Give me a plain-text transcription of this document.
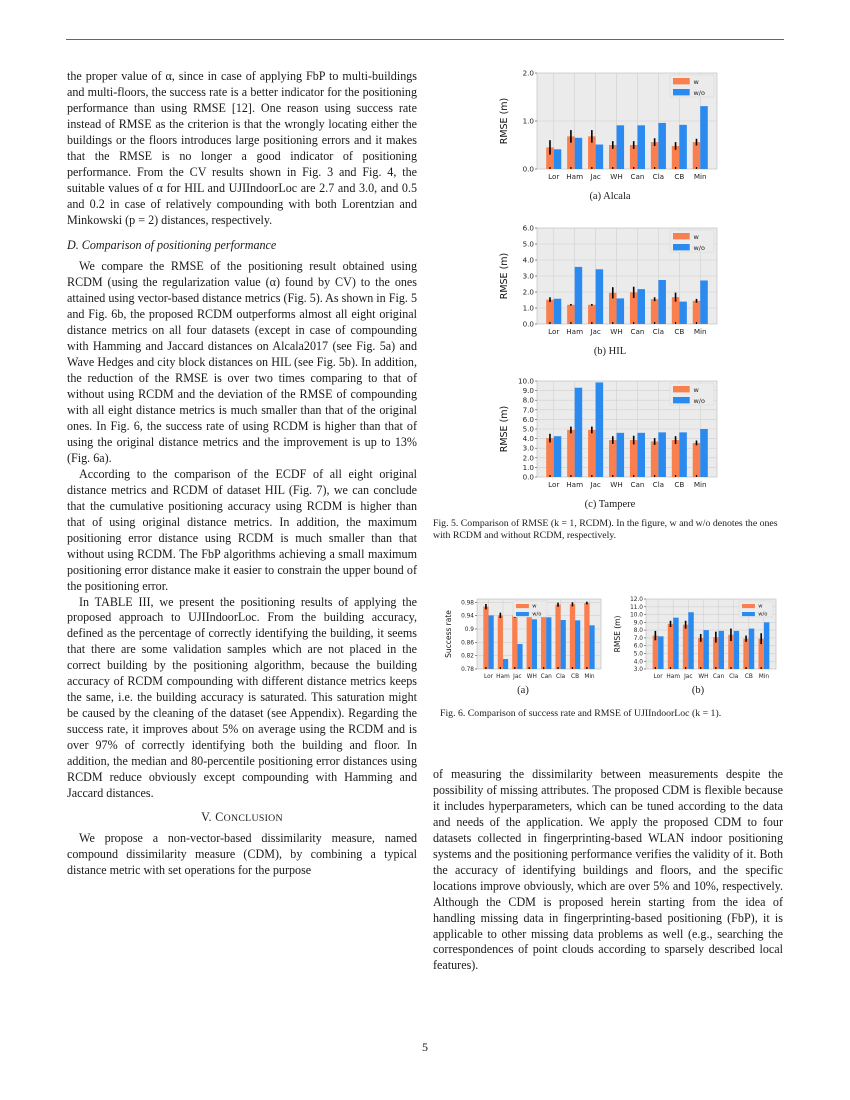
the proper value of α, since in case of applying FbP to multi-buildings and multi-floors, the success rate is a better indicator for the positioning performance than using RMSE [12]. One reason using success rate instead of RMSE as the criterion is that the wrongly locating either the buildings or the floors introduces large positioning errors and it makes that the RMSE is no longer a good indicator of positioning performance. From the CV results shown in Fig. 3 and Fig. 4, the suitable values of α for HIL and UJIIndoorLoc are 2.7 and 3.0, and 0.5 and 0.2 in case of relatively compounding with both Lorentzian and Minkowski (p = 2) distances, respectively.

D. Comparison of positioning performance

We compare the RMSE of the positioning result obtained using RCDM (using the regularization value (α) found by CV) to the ones attained using vector-based distance metrics (Fig. 5). As shown in Fig. 5 and Fig. 6b, the proposed RCDM outperforms almost all eight original distance metrics on all four datasets (except in case of compounding with Hamming and Jaccard distances on Alcala2017 (see Fig. 5a) and Wave Hedges and city block distances on HIL (see Fig. 5b). In addition, the reduction of the RMSE is over two times comparing to that of without using RCDM and the deviation of the RMSE of compounding with all eight distance metrics is much smaller than that of the original ones. In Fig. 6, the success rate of using RCDM is higher than that of using the original distance metrics and the improvement is up to 13% (Fig. 6a).

According to the comparison of the ECDF of all eight original distance metrics and RCDM of dataset HIL (Fig. 7), we can conclude that the cumulative positioning accuracy using RCDM is higher than that of using original distance metrics. In addition, the maximum positioning error distance using RCDM is much smaller than that without using RCDM. The FbP algorithms achieving a small maximum positioning error distance make it easier to constrain the upper bound of the positioning error.

In TABLE III, we present the positioning results of applying the proposed approach to UJIIndoorLoc. From the building accuracy, defined as the percentage of correctly identifying the building, it seems that there are some validation samples which are not placed in the correct building by the positioning algorithm, because the building accuracy of RCDM compounding with different distance metrics keeps the same, i.e. the building accuracy is saturated. This saturation might be caused by the cleaning of the dataset (see Appendix). Regarding the success rate, it improves about 5% on average using the RCDM and is over 97% of correctly identifying both the building and floor. In addition, the median and 80-percentile positioning error distances using RCDM reduce obviously except compounding with Hamming and Jaccard distances.

V. CONCLUSION

We propose a non-vector-based dissimilarity measure, named compound dissimilarity measure (CDM), by combining a typical distance metric with set operations for the purpose

0.0
1.0
2.0
Lor Ham Jac WH Can Cla CB Min
RMSE (m)
w
w/o
(a) Alcala
0.0
1.0
2.0
3.0
4.0
5.0
6.0
Lor Ham Jac WH Can Cla CB Min
RMSE (m)
w
w/o
(b) HIL
0.0
1.0
2.0
3.0
4.0
5.0
6.0
7.0
8.0
9.0
10.0
Lor Ham Jac WH Can Cla CB Min
RMSE (m)
w
w/o
(c) Tampere
Fig. 5. Comparison of RMSE (k = 1, RCDM). In the figure, w and w/o denotes the ones with RCDM and without RCDM, respectively.
0.78
0.82
0.86
0.9
0.94
0.98
Lor Ham Jac WH Can Cla CB Min
Success rate
w
w/o
(a)
3.0
4.0
5.0
6.0
7.0
8.0
9.0
10.0
11.0
12.0
Lor Ham Jac WH Can Cla CB Min
RMSE (m)
w
w/o
(b)
Fig. 6. Comparison of success rate and RMSE of UJIIndoorLoc (k = 1).

of measuring the dissimilarity between measurements despite the possibility of missing attributes. The proposed CDM is flexible because it includes hyperparameters, which can be tuned according to the data and needs of the application. We apply the proposed CDM to four datasets collected in fingerprinting-based WLAN indoor positioning systems and the positioning performance verifies the validity of it. Both the accuracy of identifying buildings and floors, and the specific locations improve obviously, which are over 5% and 10%, respectively. Although the CDM is proposed herein starting from the idea of handling missing data in fingerprinting-based positioning (FbP), it is applicable to other missing data problems as well (e.g., searching the correspondences of point clouds according to sparsely described local features).

5
